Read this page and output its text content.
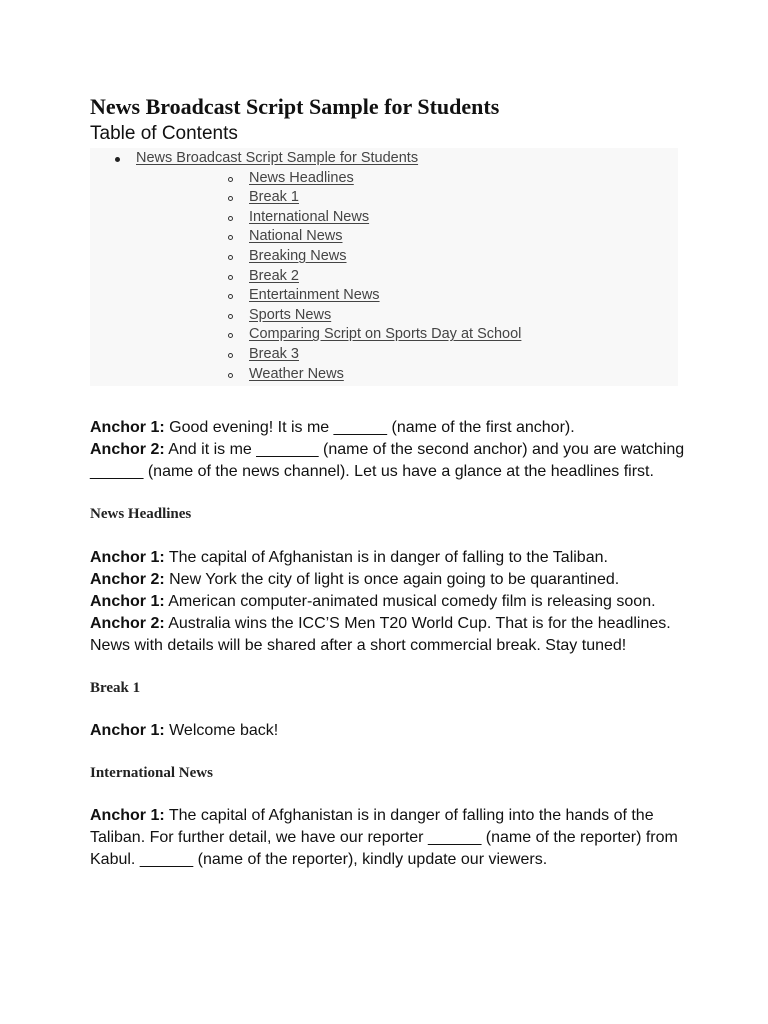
News Broadcast Script Sample for Students
Table of Contents
News Broadcast Script Sample for Students
News Headlines
Break 1
International News
National News
Breaking News
Break 2
Entertainment News
Sports News
Comparing Script on Sports Day at School
Break 3
Weather News

Anchor 1: Good evening! It is me ______ (name of the first anchor).

Anchor 2: And it is me _______ (name of the second anchor) and you are watching ______ (name of the news channel). Let us have a glance at the headlines first.

News Headlines

Anchor 1: The capital of Afghanistan is in danger of falling to the Taliban.

Anchor 2: New York the city of light is once again going to be quarantined.

Anchor 1: American computer-animated musical comedy film is releasing soon.

Anchor 2: Australia wins the ICC’S Men T20 World Cup. That is for the headlines. News with details will be shared after a short commercial break. Stay tuned!

Break 1

Anchor 1: Welcome back!

International News

Anchor 1: The capital of Afghanistan is in danger of falling into the hands of the Taliban. For further detail, we have our reporter ______ (name of the reporter) from Kabul. ______ (name of the reporter), kindly update our viewers.
